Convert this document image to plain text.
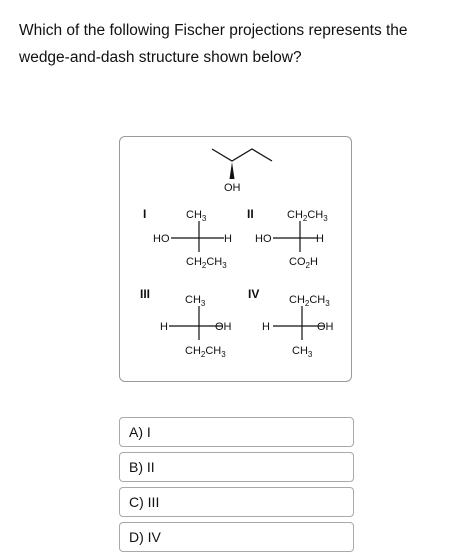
Which of the following Fischer projections represents the wedge-and-dash structure shown below?

OH
I	CH3
HO	H
CH2CH3
II	CH2CH3
HO	H
CO2H
III	CH3
H	OH
CH2CH3
IV	CH2CH3
H	OH
CH3
A) I
B) II
C) III
D) IV
